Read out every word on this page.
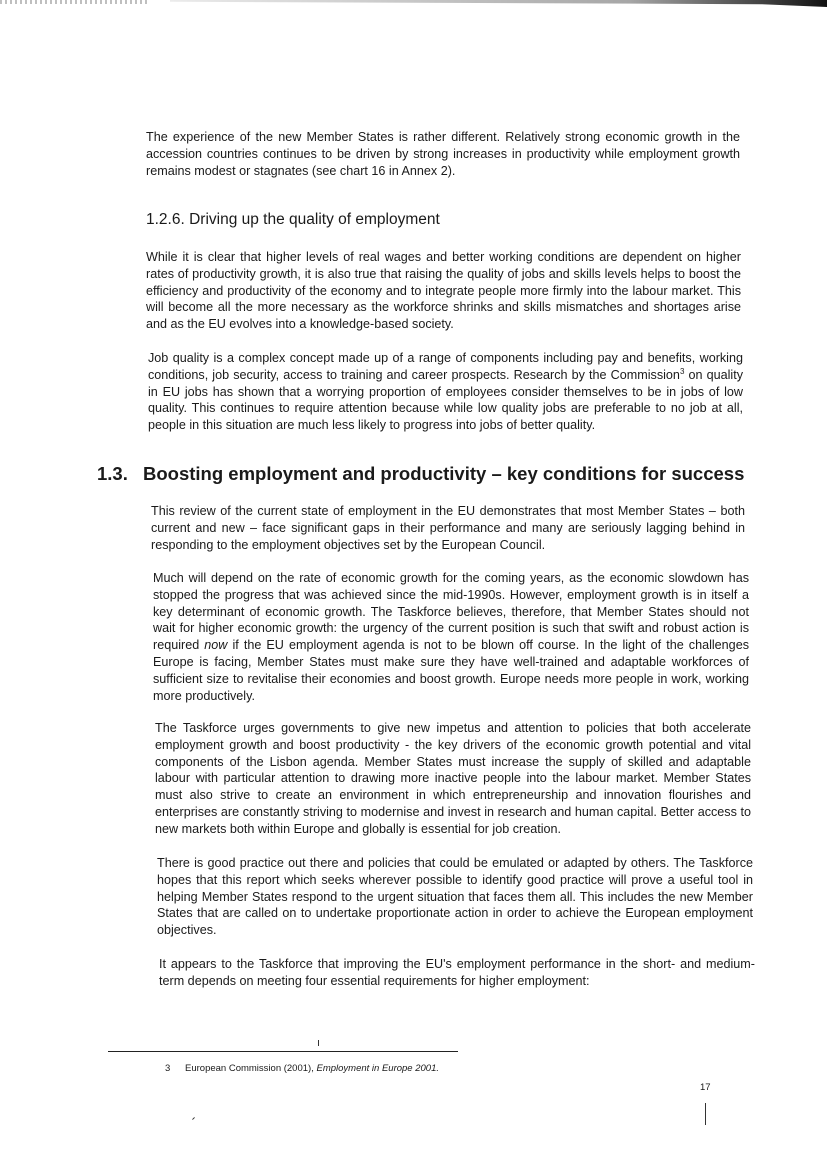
The experience of the new Member States is rather different. Relatively strong economic growth in the accession countries continues to be driven by strong increases in productivity while employment growth remains modest or stagnates (see chart 16 in Annex 2).

1.2.6. Driving up the quality of employment

While it is clear that higher levels of real wages and better working conditions are dependent on higher rates of productivity growth, it is also true that raising the quality of jobs and skills levels helps to boost the efficiency and productivity of the economy and to integrate people more firmly into the labour market. This will become all the more necessary as the workforce shrinks and skills mismatches and shortages arise and as the EU evolves into a knowledge-based society.

Job quality is a complex concept made up of a range of components including pay and benefits, working conditions, job security, access to training and career prospects. Research by the Commission$^3$ on quality in EU jobs has shown that a worrying proportion of employees consider themselves to be in jobs of low quality. This continues to require attention because while low quality jobs are preferable to no job at all, people in this situation are much less likely to progress into jobs of better quality.

1.3. Boosting employment and productivity – key conditions for success

This review of the current state of employment in the EU demonstrates that most Member States – both current and new – face significant gaps in their performance and many are seriously lagging behind in responding to the employment objectives set by the European Council.

Much will depend on the rate of economic growth for the coming years, as the economic slowdown has stopped the progress that was achieved since the mid-1990s. However, employment growth is in itself a key determinant of economic growth. The Taskforce believes, therefore, that Member States should not wait for higher economic growth: the urgency of the current position is such that swift and robust action is required now if the EU employment agenda is not to be blown off course. In the light of the challenges Europe is facing, Member States must make sure they have well-trained and adaptable workforces of sufficient size to revitalise their economies and boost growth. Europe needs more people in work, working more productively.

The Taskforce urges governments to give new impetus and attention to policies that both accelerate employment growth and boost productivity - the key drivers of the economic growth potential and vital components of the Lisbon agenda. Member States must increase the supply of skilled and adaptable labour with particular attention to drawing more inactive people into the labour market. Member States must also strive to create an environment in which entrepreneurship and innovation flourishes and enterprises are constantly striving to modernise and invest in research and human capital. Better access to new markets both within Europe and globally is essential for job creation.

There is good practice out there and policies that could be emulated or adapted by others. The Taskforce hopes that this report which seeks wherever possible to identify good practice will prove a useful tool in helping Member States respond to the urgent situation that faces them all. This includes the new Member States that are called on to undertake proportionate action in order to achieve the European employment objectives.

It appears to the Taskforce that improving the EU's employment performance in the short- and medium-term depends on meeting four essential requirements for higher employment:

3 European Commission (2001), Employment in Europe 2001.
17
